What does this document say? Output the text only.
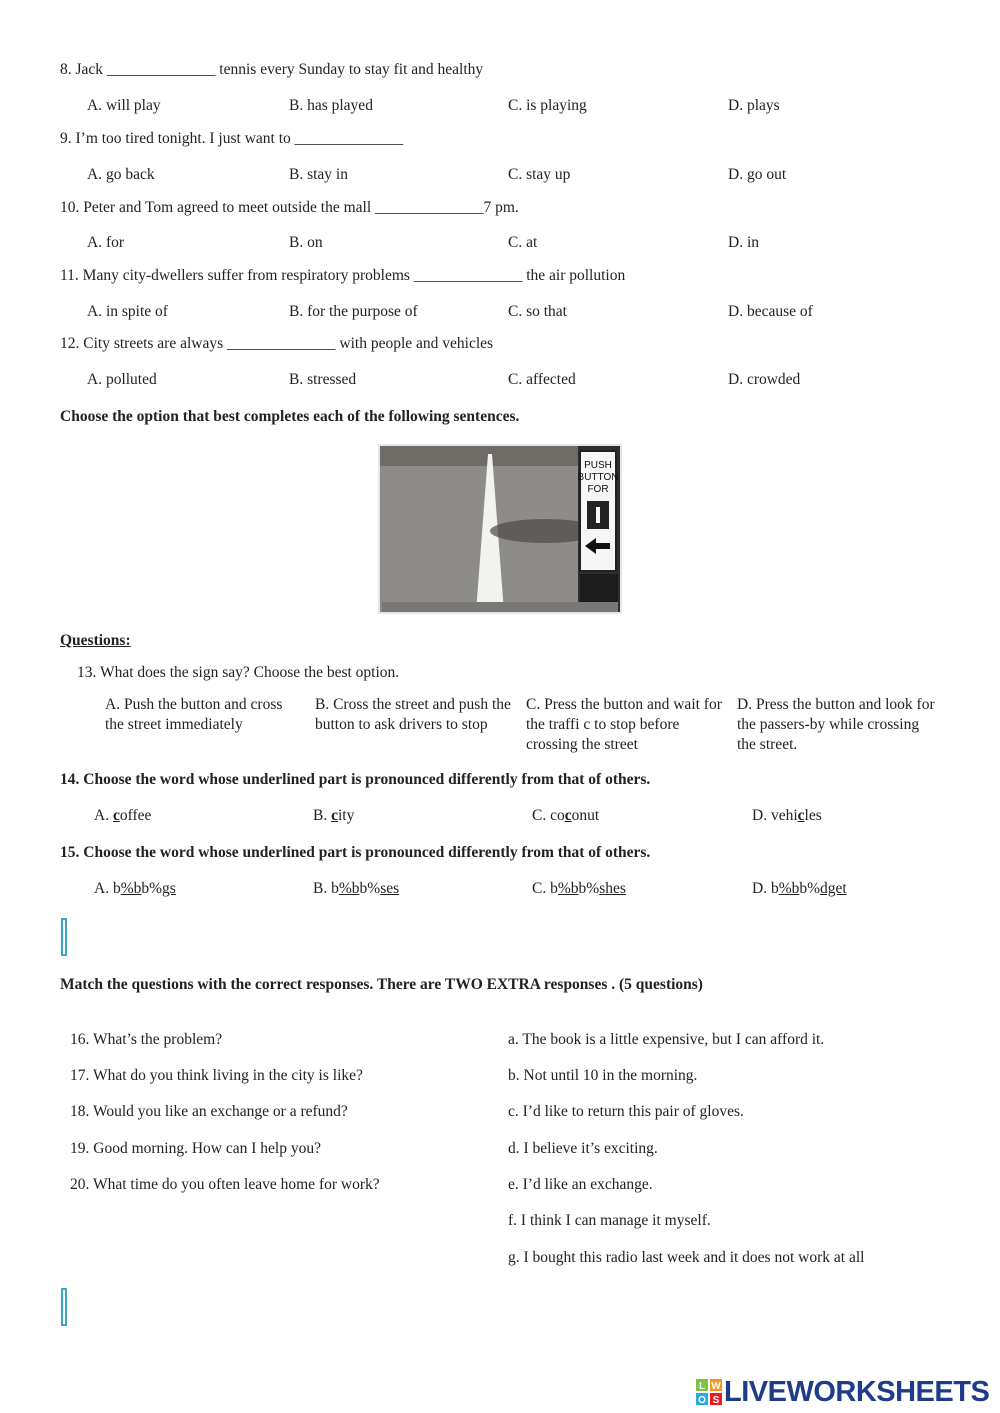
8. Jack ______________ tennis every Sunday to stay fit and healthy
A. will play	B. has played	C. is playing	D. plays
9. I’m too tired tonight. I just want to ______________
A. go back	B. stay in	C. stay up	D. go out
10. Peter and Tom agreed to meet outside the mall ______________7 pm.
A. for	B. on	C. at	D. in
11. Many city-dwellers suffer from respiratory problems ______________ the air pollution
A. in spite of	B. for the purpose of	C. so that	D. because of
12. City streets are always ______________ with people and vehicles
A. polluted	B. stressed	C. affected	D. crowded
Choose the option that best completes each of the following sentences.
PUSH
BUTTON
FOR
Questions:
13. What does the sign say? Choose the best option.
A. Push the button and cross the street immediately
B. Cross the street and push the button to ask drivers to stop
C. Press the button and wait for the traffi c to stop before crossing the street
D. Press the button and look for the passers-by while crossing the street.
14. Choose the word whose underlined part is pronounced differently from that of others.
A. coffee	B. city	C. coconut	D. vehicles
15. Choose the word whose underlined part is pronounced differently from that of others.
A. b%bb%gs	B. b%bb%ses	C. b%bb%shes	D. b%bb%dget
Match the questions with the correct responses. There are TWO EXTRA responses . (5 questions)
16. What’s the problem?
17. What do you think living in the city is like?
18. Would you like an exchange or a refund?
19. Good morning. How can I help you?
20. What time do you often leave home for work?
a. The book is a little expensive, but I can afford it.
b. Not until 10 in the morning.
c. I’d like to return this pair of gloves.
d. I believe it’s exciting.
e. I’d like an exchange.
f. I think I can manage it myself.
g. I bought this radio last week and it does not work at all
L W
O S LIVEWORKSHEETS
